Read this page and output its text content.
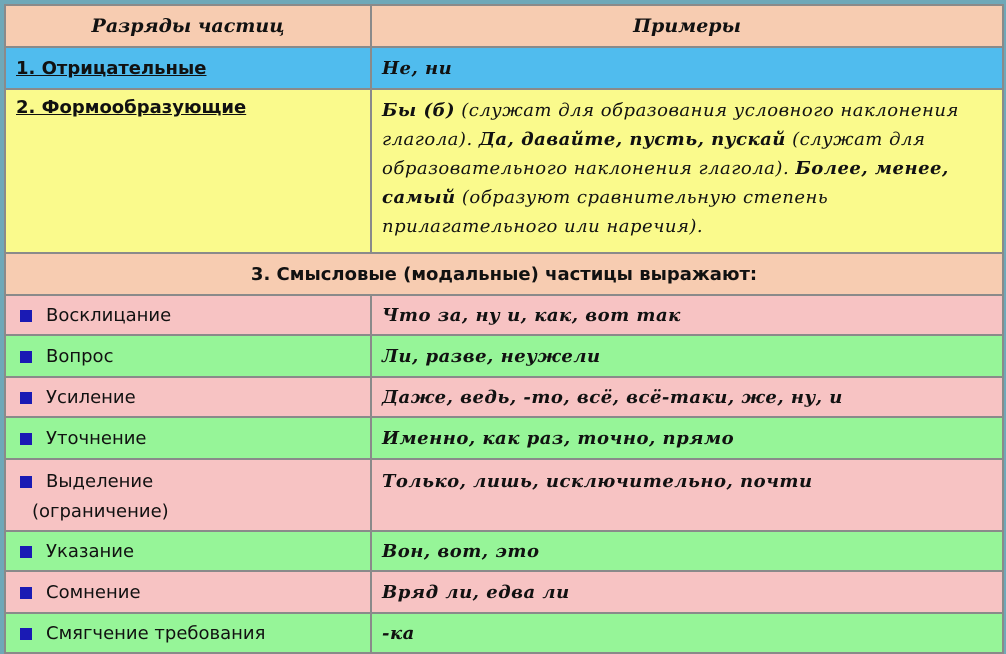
Разряды частиц	Примеры
1. Отрицательные	Не, ни
2. Формообразующие	Бы (б) (служат для образования условного наклонения глагола). Да, давайте, пусть, пускай (служат для образовательного наклонения глагола). Более, менее, самый (образуют сравнительную степень прилагательного или наречия).
3. Смысловые (модальные) частицы выражают:	
Восклицание	Что за, ну и, как, вот так
Вопрос	Ли, разве, неужели
Усиление	Даже, ведь, -то, всё, всё-таки, же, ну, и
Уточнение	Именно, как раз, точно, прямо
Выделение
(ограничение)	Только, лишь, исключительно, почти
Указание	Вон, вот, это
Сомнение	Вряд ли, едва ли
Смягчение требования	-ка
